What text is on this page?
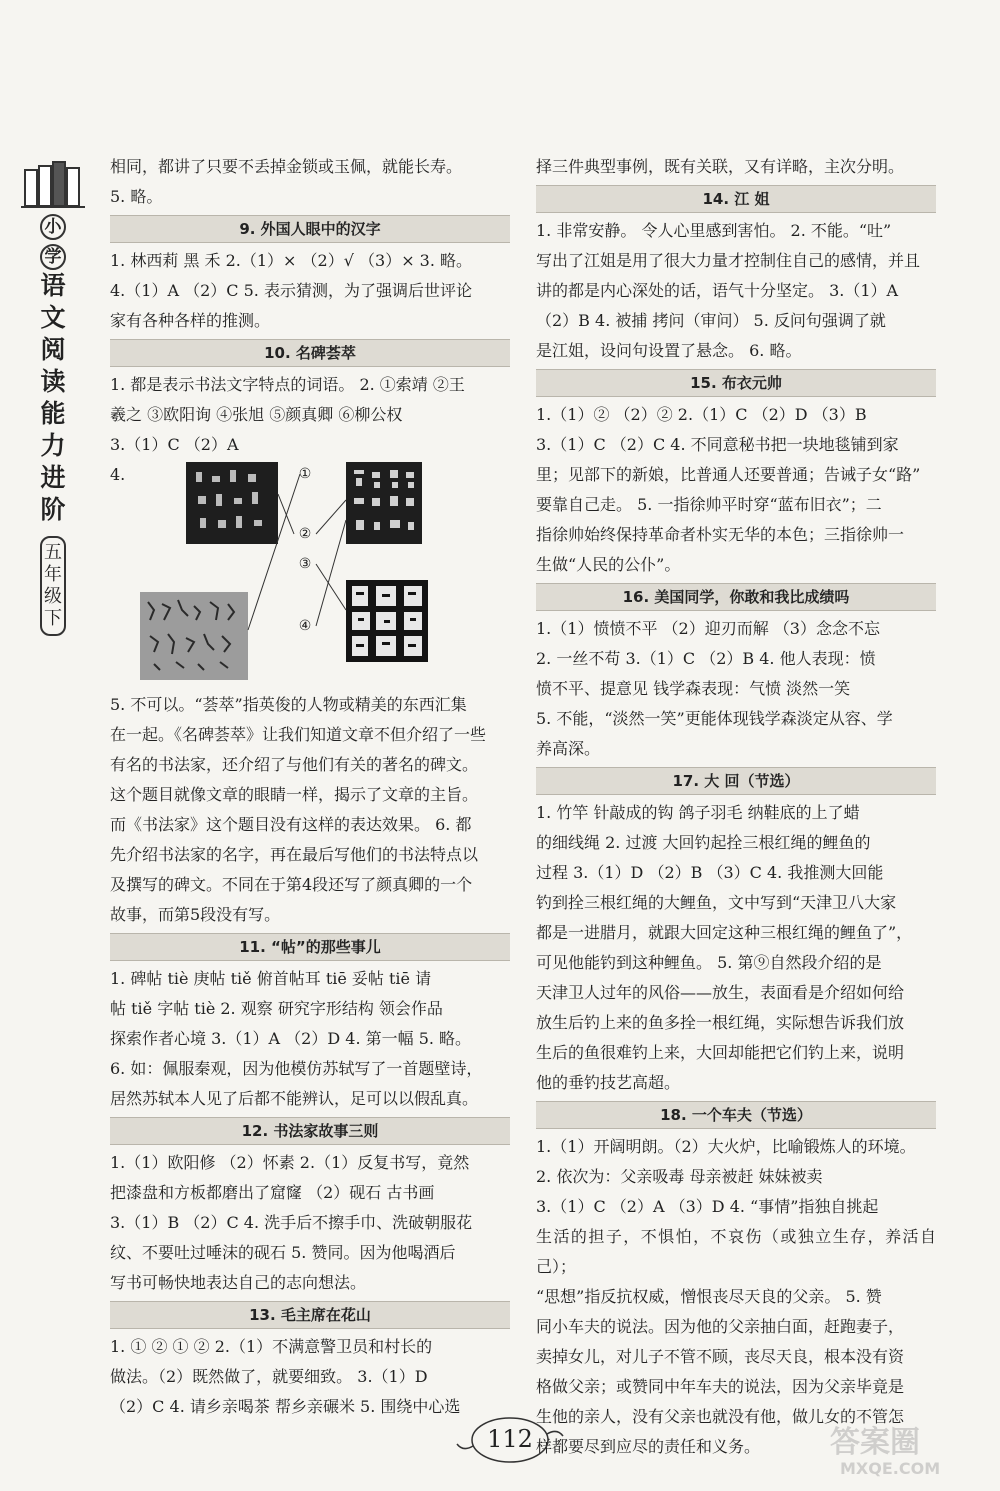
小
学
语
文
阅
读
能
力
进
阶
五
年
级
下

相同，都讲了只要不丢掉金锁或玉佩，就能长寿。

5. 略。

9. 外国人眼中的汉字

1. 林西莉 黑 禾 2.（1）× （2）√ （3）× 3. 略。

4.（1）A （2）C 5. 表示猜测，为了强调后世评论

家有各种各样的推测。

10. 名碑荟萃

1. 都是表示书法文字特点的词语。 2. ①索靖 ②王

羲之 ③欧阳询 ④张旭 ⑤颜真卿 ⑥柳公权

3.（1）C （2）A

4.	①
②
③
④

5. 不可以。“荟萃”指英俊的人物或精美的东西汇集

在一起。《名碑荟萃》让我们知道文章不但介绍了一些

有名的书法家，还介绍了与他们有关的著名的碑文。

这个题目就像文章的眼睛一样，揭示了文章的主旨。

而《书法家》这个题目没有这样的表达效果。 6. 都

先介绍书法家的名字，再在最后写他们的书法特点以

及撰写的碑文。不同在于第4段还写了颜真卿的一个

故事，而第5段没有写。

11. “帖”的那些事儿

1. 碑帖 tiè 庚帖 tiě 俯首帖耳 tiē 妥帖 tiē 请

帖 tiě 字帖 tiè 2. 观察 研究字形结构 领会作品

探索作者心境 3.（1）A （2）D 4. 第一幅 5. 略。

6. 如：佩服秦观，因为他模仿苏轼写了一首题壁诗，

居然苏轼本人见了后都不能辨认，足可以以假乱真。

12. 书法家故事三则

1.（1）欧阳修 （2）怀素 2.（1）反复书写，竟然

把漆盘和方板都磨出了窟窿 （2）砚石 古书画

3.（1）B （2）C 4. 洗手后不擦手巾、洗破朝服花

纹、不要吐过唾沫的砚石 5. 赞同。因为他喝酒后

写书可畅快地表达自己的志向想法。

13. 毛主席在花山

1. ① ② ① ② 2.（1）不满意警卫员和村长的

做法。（2）既然做了，就要细致。 3.（1）D

（2）C 4. 请乡亲喝茶 帮乡亲碾米 5. 围绕中心选

择三件典型事例，既有关联，又有详略，主次分明。

14. 江 姐

1. 非常安静。 令人心里感到害怕。 2. 不能。“吐”

写出了江姐是用了很大力量才控制住自己的感情，并且

讲的都是内心深处的话，语气十分坚定。 3.（1）A

（2）B 4. 被捕 拷问（审问） 5. 反问句强调了就

是江姐，设问句设置了悬念。 6. 略。

15. 布衣元帅

1.（1）② （2）② 2.（1）C （2）D （3）B

3.（1）C （2）C 4. 不同意秘书把一块地毯铺到家

里；见部下的新娘，比普通人还要普通；告诫子女“路”

要靠自己走。 5. 一指徐帅平时穿“蓝布旧衣”；二

指徐帅始终保持革命者朴实无华的本色；三指徐帅一

生做“人民的公仆”。

16. 美国同学，你敢和我比成绩吗

1.（1）愤愤不平 （2）迎刃而解 （3）念念不忘

2. 一丝不苟 3.（1）C （2）B 4. 他人表现：愤

愤不平、提意见 钱学森表现：气愤 淡然一笑

5. 不能，“淡然一笑”更能体现钱学森淡定从容、学

养高深。

17. 大 回（节选）

1. 竹竿 针敲成的钩 鸽子羽毛 纳鞋底的上了蜡

的细线绳 2. 过渡 大回钓起拴三根红绳的鲤鱼的

过程 3.（1）D （2）B （3）C 4. 我推测大回能

钓到拴三根红绳的大鲤鱼，文中写到“天津卫八大家

都是一进腊月，就跟大回定这种三根红绳的鲤鱼了”，

可见他能钓到这种鲤鱼。 5. 第⑨自然段介绍的是

天津卫人过年的风俗——放生，表面看是介绍如何给

放生后钓上来的鱼多拴一根红绳，实际想告诉我们放

生后的鱼很难钓上来，大回却能把它们钓上来，说明

他的垂钓技艺高超。

18. 一个车夫（节选）

1.（1）开阔明朗。（2）大火炉，比喻锻炼人的环境。

2. 依次为：父亲吸毒 母亲被赶 妹妹被卖

3.（1）C （2）A （3）D 4. “事情”指独自挑起

生活的担子，不惧怕，不哀伤（或独立生存，养活自己）；

“思想”指反抗权威，憎恨丧尽天良的父亲。 5. 赞

同小车夫的说法。因为他的父亲抽白面，赶跑妻子，

卖掉女儿，对儿子不管不顾，丧尽天良，根本没有资

格做父亲；或赞同中年车夫的说法，因为父亲毕竟是

生他的亲人，没有父亲也就没有他，做儿女的不管怎

样都要尽到应尽的责任和义务。

112	答案圈
MXQE.COM
